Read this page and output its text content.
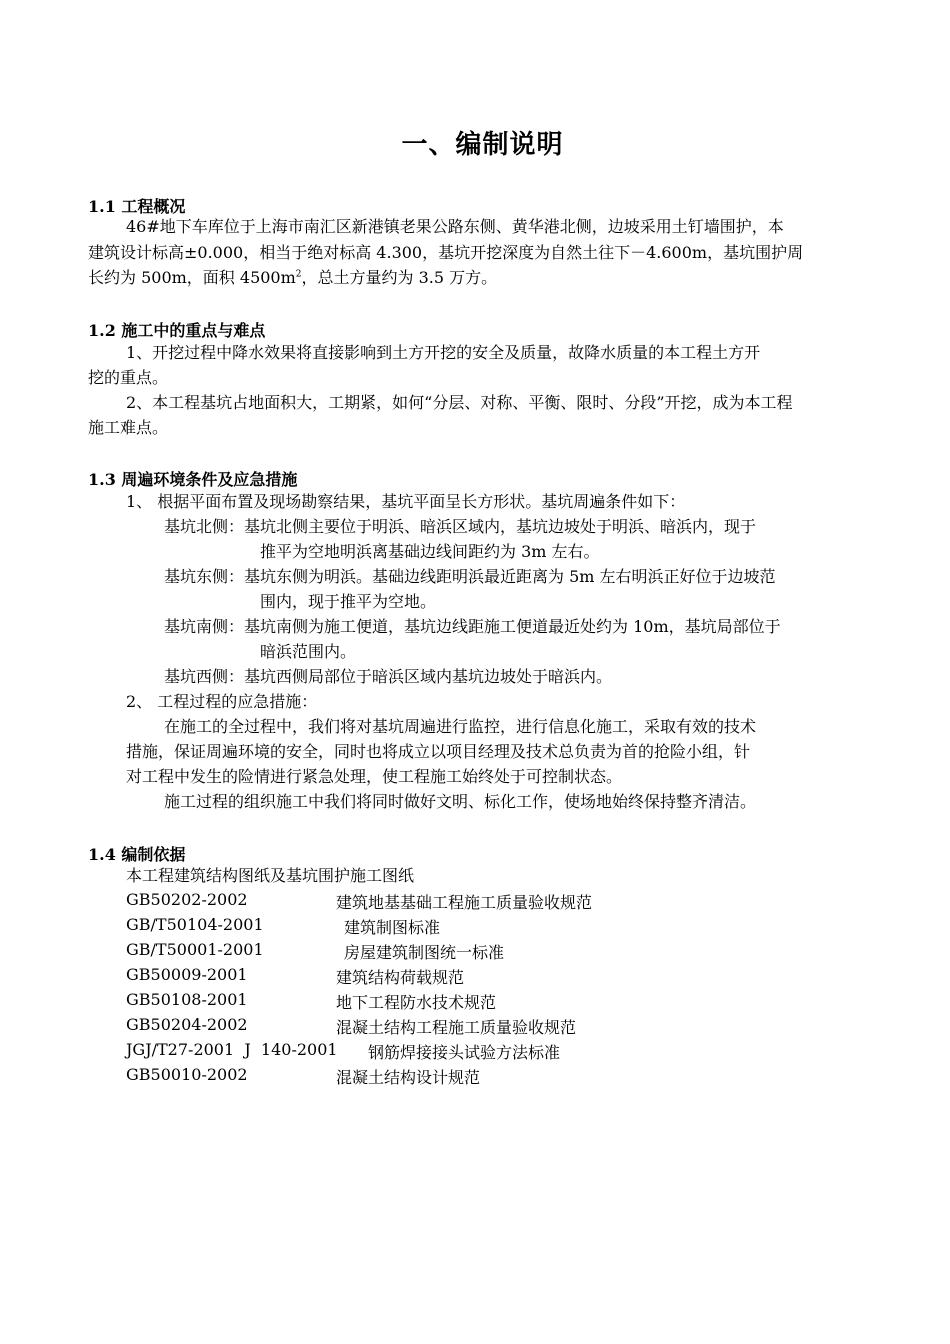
一、编制说明
1.1 工程概况
46#地下车库位于上海市南汇区新港镇老果公路东侧、黄华港北侧，边坡采用土钉墙围护，本
建筑设计标高±0.000，相当于绝对标高 4.300，基坑开挖深度为自然土往下－4.600m，基坑围护周
长约为 500m，面积 $4500m^2$，总土方量约为 3.5 万方。
1.2 施工中的重点与难点
1、开挖过程中降水效果将直接影响到土方开挖的安全及质量，故降水质量的本工程土方开
挖的重点。
2、本工程基坑占地面积大，工期紧，如何“分层、对称、平衡、限时、分段”开挖，成为本工程
施工难点。
1.3 周遍环境条件及应急措施
1、 根据平面布置及现场勘察结果，基坑平面呈长方形状。基坑周遍条件如下：
基坑北侧：基坑北侧主要位于明浜、暗浜区域内，基坑边坡处于明浜、暗浜内，现于
推平为空地明浜离基础边线间距约为 3m 左右。
基坑东侧：基坑东侧为明浜。基础边线距明浜最近距离为 5m 左右明浜正好位于边坡范
围内，现于推平为空地。
基坑南侧：基坑南侧为施工便道，基坑边线距施工便道最近处约为 10m，基坑局部位于
暗浜范围内。
基坑西侧：基坑西侧局部位于暗浜区域内基坑边坡处于暗浜内。
2、 工程过程的应急措施：
在施工的全过程中，我们将对基坑周遍进行监控，进行信息化施工，采取有效的技术
措施，保证周遍环境的安全，同时也将成立以项目经理及技术总负责为首的抢险小组，针
对工程中发生的险情进行紧急处理，使工程施工始终处于可控制状态。
施工过程的组织施工中我们将同时做好文明、标化工作，使场地始终保持整齐清洁。
1.4 编制依据
本工程建筑结构图纸及基坑围护施工图纸
GB50202-2002	建筑地基基础工程施工质量验收规范
GB/T50104-2001	建筑制图标准
GB/T50001-2001	房屋建筑制图统一标准
GB50009-2001	建筑结构荷载规范
GB50108-2001	地下工程防水技术规范
GB50204-2002	混凝土结构工程施工质量验收规范
JGJ/T27-2001  J  140-2001 钢筋焊接接头试验方法标准
GB50010-2002	混凝土结构设计规范
